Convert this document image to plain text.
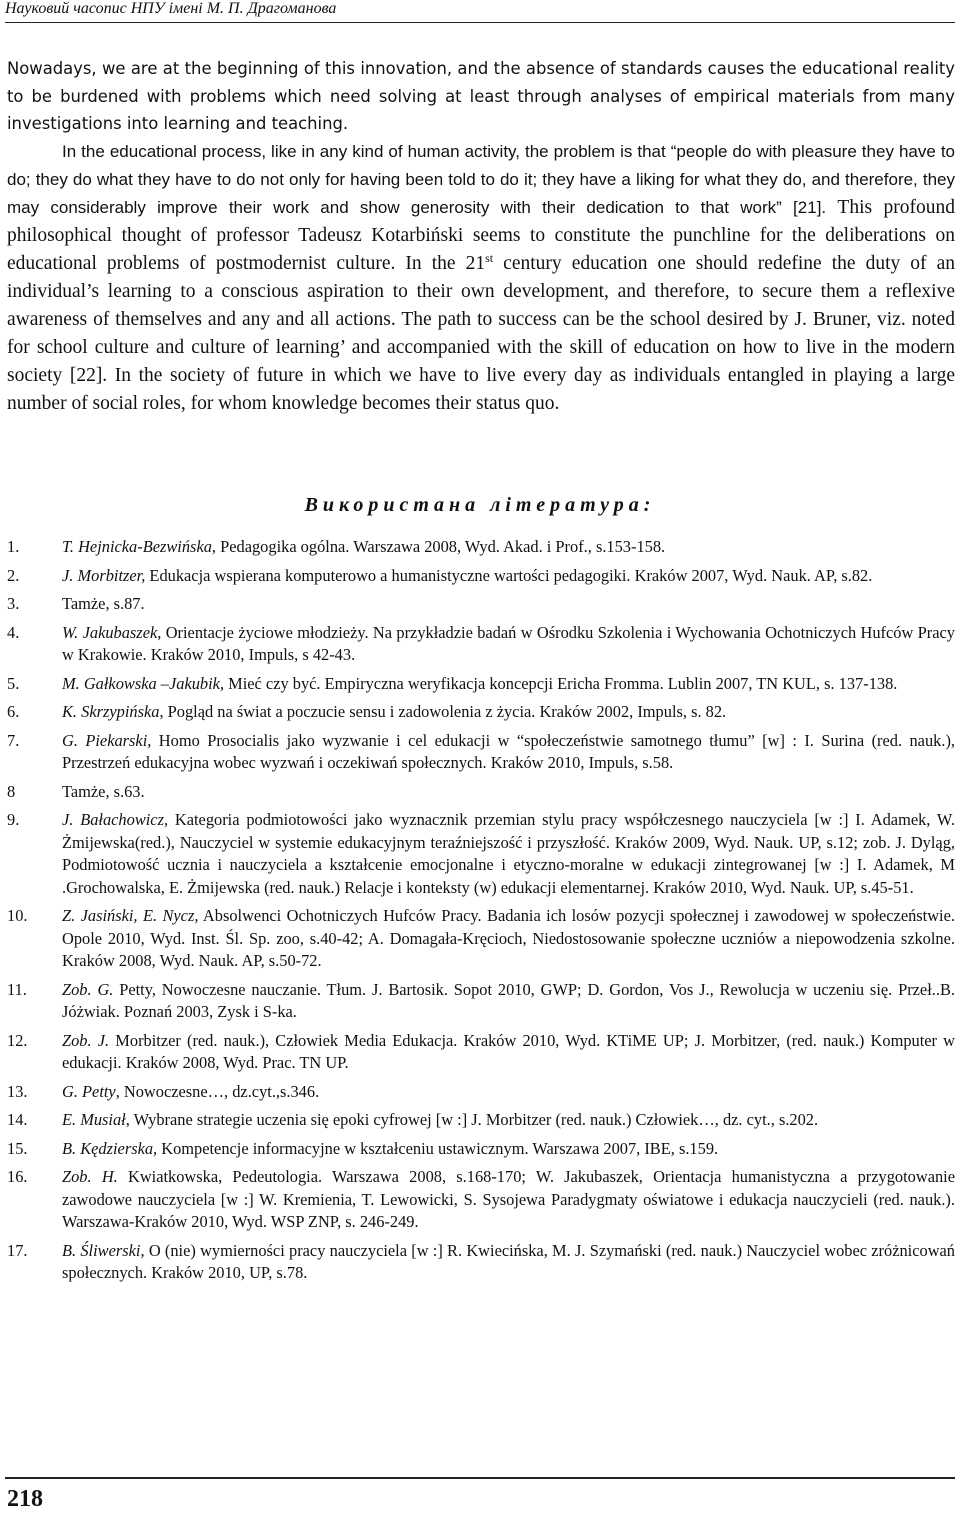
Науковий часопис НПУ імені М. П. Драгоманова

Nowadays, we are at the beginning of this innovation, and the absence of standards causes the educational reality to be burdened with problems which need solving at least through analyses of empirical materials from many investigations into learning and teaching.

In the educational process, like in any kind of human activity, the problem is that “people do with pleasure they have to do; they do what they have to do not only for having been told to do it; they have a liking for what they do, and therefore, they may considerably improve their work and show generosity with their dedication to that work” [21]. This profound philosophical thought of professor Tadeusz Kotarbiński seems to constitute the punchline for the deliberations on educational problems of postmodernist culture. In the 21st century education one should redefine the duty of an individual’s learning to a conscious aspiration to their own development, and therefore, to secure them a reflexive awareness of themselves and any and all actions. The path to success can be the school desired by J. Bruner, viz. noted for school culture and culture of learning’ and accompanied with the skill of education on how to live in the modern society [22]. In the society of future in which we have to live every day as individuals entangled in playing a large number of social roles, for whom knowledge becomes their status quo.

Використана література:
1.	T. Hejnicka-Bezwińska, Pedagogika ogólna. Warszawa 2008, Wyd. Akad. i Prof., s.153-158.
2.	J. Morbitzer, Edukacja wspierana komputerowo a humanistyczne wartości pedagogiki. Kraków 2007, Wyd. Nauk. AP, s.82.
3.	Tamże, s.87.
4.	W. Jakubaszek, Orientacje życiowe młodzieży. Na przykładzie badań w Ośrodku Szkolenia i Wychowania Ochotniczych Hufców Pracy w Krakowie. Kraków 2010, Impuls, s 42-43.
5.	M. Gałkowska –Jakubik, Mieć czy być. Empiryczna weryfikacja koncepcji Ericha Fromma. Lublin 2007, TN KUL, s. 137-138.
6.	K. Skrzypińska, Pogląd na świat a poczucie sensu i zadowolenia z życia. Kraków 2002, Impuls, s. 82.
7.	G. Piekarski, Homo Prosocialis jako wyzwanie i cel edukacji w “społeczeństwie samotnego tłumu” [w] : I. Surina (red. nauk.), Przestrzeń edukacyjna wobec wyzwań i oczekiwań społecznych. Kraków 2010, Impuls, s.58.
8	Tamże, s.63.
9.	J. Bałachowicz, Kategoria podmiotowości jako wyznacznik przemian stylu pracy współczesnego nauczyciela [w :] I. Adamek, W. Żmijewska(red.), Nauczyciel w systemie edukacyjnym teraźniejszość i przyszłość. Kraków 2009, Wyd. Nauk. UP, s.12; zob. J. Dyląg, Podmiotowość ucznia i nauczyciela a kształcenie emocjonalne i etyczno-moralne w edukacji zintegrowanej [w :] I. Adamek, M .Grochowalska, E. Żmijewska (red. nauk.) Relacje i konteksty (w) edukacji elementarnej. Kraków 2010, Wyd. Nauk. UP, s.45-51.
10. Z. Jasiński, E. Nycz, Absolwenci Ochotniczych Hufców Pracy. Badania ich losów pozycji społecznej i zawodowej w społeczeństwie. Opole 2010, Wyd. Inst. Śl. Sp. zoo, s.40-42; A. Domagała-Kręcioch, Niedostosowanie społeczne uczniów a niepowodzenia szkolne. Kraków 2008, Wyd. Nauk. AP, s.50-72.
11. Zob. G. Petty, Nowoczesne nauczanie. Tłum. J. Bartosik. Sopot 2010, GWP; D. Gordon, Vos J., Rewolucja w uczeniu się. Przeł..B. Jóżwiak. Poznań 2003, Zysk i S-ka.
12. Zob. J. Morbitzer (red. nauk.), Człowiek Media Edukacja. Kraków 2010, Wyd. KTiME UP; J. Morbitzer, (red. nauk.) Komputer w edukacji. Kraków 2008, Wyd. Prac. TN UP.
13. G. Petty, Nowoczesne…, dz.cyt.,s.346.
14. E. Musiał, Wybrane strategie uczenia się epoki cyfrowej [w :] J. Morbitzer (red. nauk.) Człowiek…, dz. cyt., s.202.
15. B. Kędzierska, Kompetencje informacyjne w kształceniu ustawicznym. Warszawa 2007, IBE, s.159.
16. Zob. H. Kwiatkowska, Pedeutologia. Warszawa 2008, s.168-170; W. Jakubaszek, Orientacja humanistyczna a przygotowanie zawodowe nauczyciela [w :] W. Kremienia, T. Lewowicki, S. Sysojewa Paradygmaty oświatowe i edukacja nauczycieli (red. nauk.). Warszawa-Kraków 2010, Wyd. WSP ZNP, s. 246-249.
17. B. Śliwerski, O (nie) wymierności pracy nauczyciela [w :] R. Kwiecińska, M. J. Szymański (red. nauk.) Nauczyciel wobec zróżnicowań społecznych. Kraków 2010, UP, s.78.
218
